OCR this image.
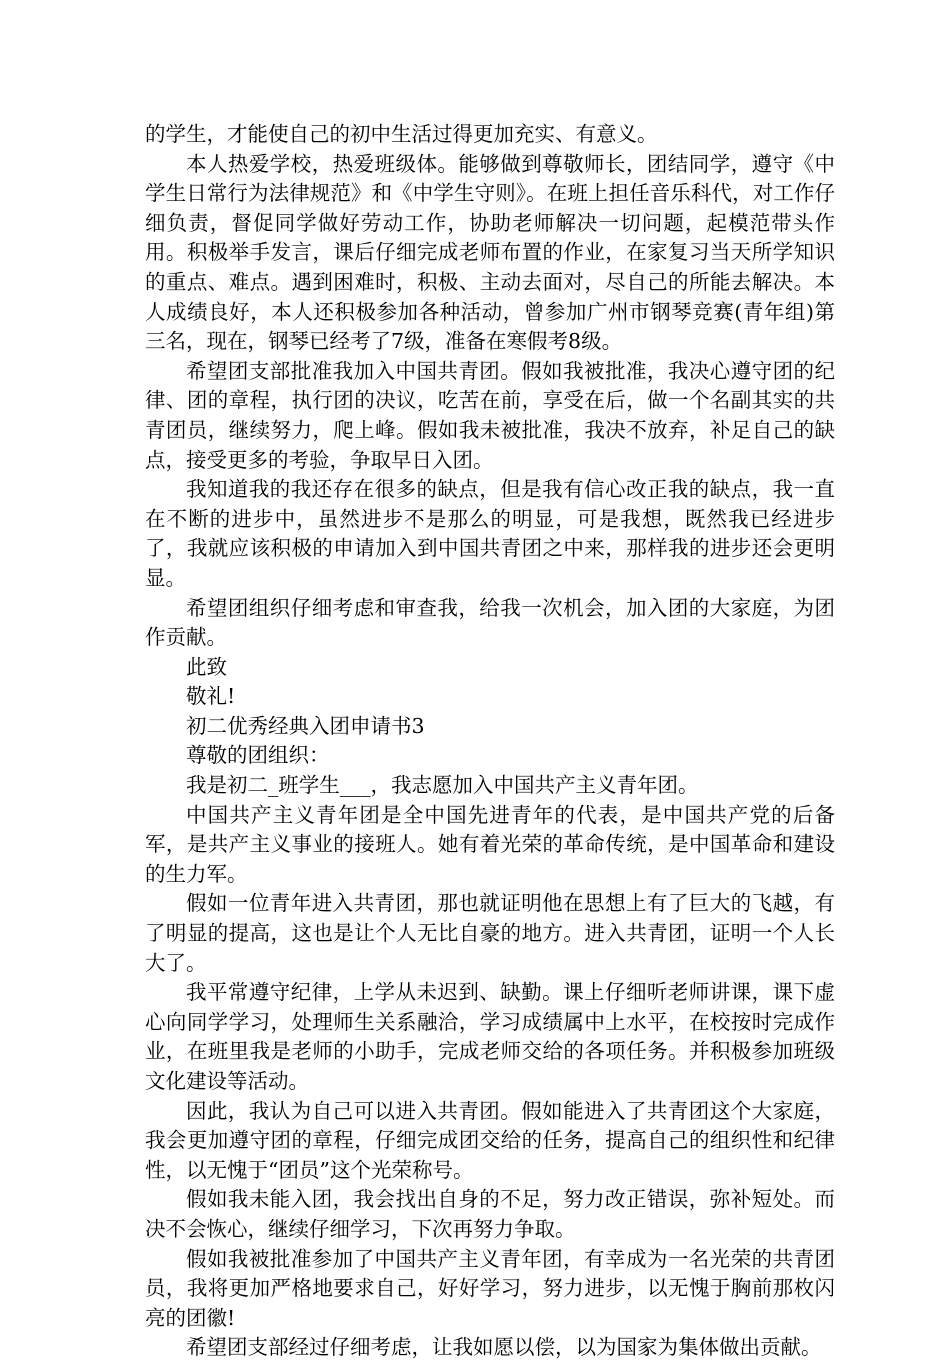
的学生，才能使自己的初中生活过得更加充实、有意义。

本人热爱学校，热爱班级体。能够做到尊敬师长，团结同学，遵守《中学生日常行为法律规范》和《中学生守则》。在班上担任音乐科代，对工作仔细负责，督促同学做好劳动工作，协助老师解决一切问题，起模范带头作用。积极举手发言，课后仔细完成老师布置的作业，在家复习当天所学知识的重点、难点。遇到困难时，积极、主动去面对，尽自己的所能去解决。本人成绩良好，本人还积极参加各种活动，曾参加广州市钢琴竞赛(青年组)第三名，现在，钢琴已经考了7级，准备在寒假考8级。

希望团支部批准我加入中国共青团。假如我被批准，我决心遵守团的纪律、团的章程，执行团的决议，吃苦在前，享受在后，做一个名副其实的共青团员，继续努力，爬上峰。假如我未被批准，我决不放弃，补足自己的缺点，接受更多的考验，争取早日入团。

我知道我的我还存在很多的缺点，但是我有信心改正我的缺点，我一直在不断的进步中，虽然进步不是那么的明显，可是我想，既然我已经进步了，我就应该积极的申请加入到中国共青团之中来，那样我的进步还会更明显。

希望团组织仔细考虑和审查我，给我一次机会，加入团的大家庭，为团作贡献。

此致

敬礼!

初二优秀经典入团申请书3

尊敬的团组织：

我是初二_班学生___，我志愿加入中国共产主义青年团。

中国共产主义青年团是全中国先进青年的代表，是中国共产党的后备军，是共产主义事业的接班人。她有着光荣的革命传统，是中国革命和建设的生力军。

假如一位青年进入共青团，那也就证明他在思想上有了巨大的飞越，有了明显的提高，这也是让个人无比自豪的地方。进入共青团，证明一个人长大了。

我平常遵守纪律，上学从未迟到、缺勤。课上仔细听老师讲课，课下虚心向同学学习，处理师生关系融洽，学习成绩属中上水平，在校按时完成作业，在班里我是老师的小助手，完成老师交给的各项任务。并积极参加班级文化建设等活动。

因此，我认为自己可以进入共青团。假如能进入了共青团这个大家庭，我会更加遵守团的章程，仔细完成团交给的任务，提高自己的组织性和纪律性，以无愧于“团员”这个光荣称号。

假如我未能入团，我会找出自身的不足，努力改正错误，弥补短处。而决不会恢心，继续仔细学习，下次再努力争取。

假如我被批准参加了中国共产主义青年团，有幸成为一名光荣的共青团员，我将更加严格地要求自己，好好学习，努力进步，以无愧于胸前那枚闪亮的团徽!

希望团支部经过仔细考虑，让我如愿以偿，以为国家为集体做出贡献。
